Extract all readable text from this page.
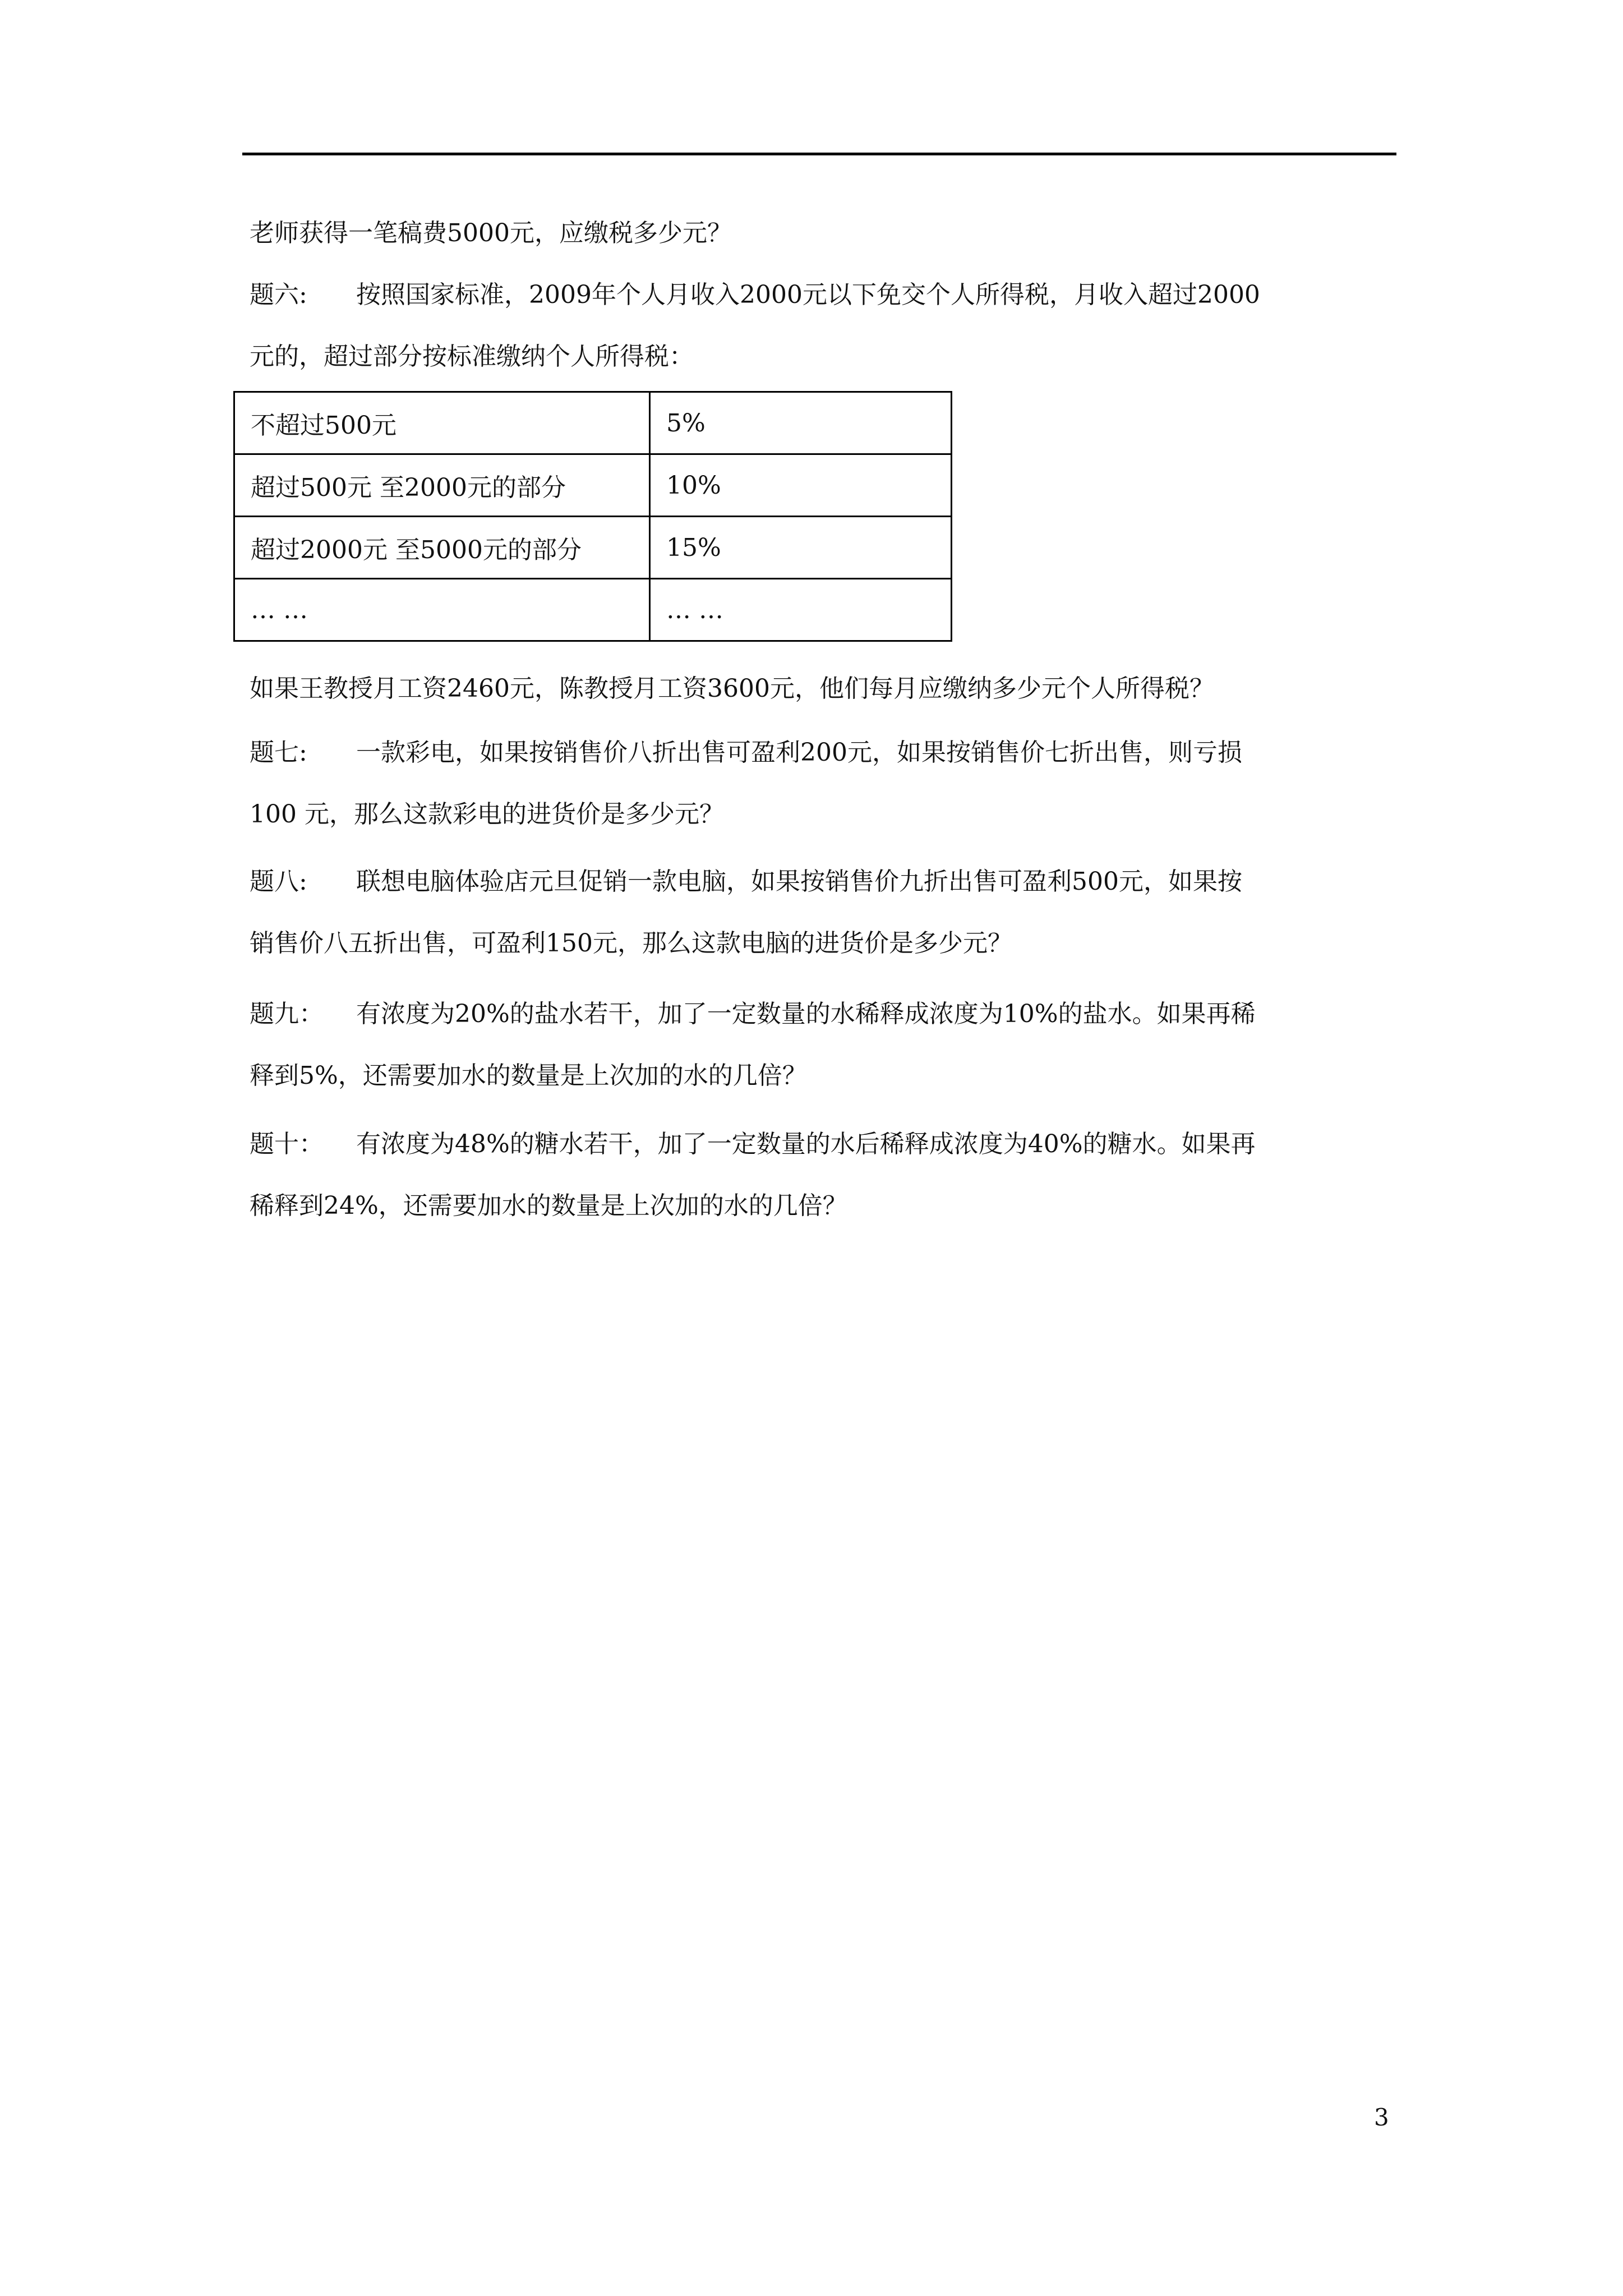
老师获得一笔稿费5000元，应缴税多少元？
题六: 按照国家标准，2009年个人月收入2000元以下免交个人所得税，月收入超过2000
元的，超过部分按标准缴纳个人所得税：
不超过500元	5%
超过500元 至2000元的部分	10%
超过2000元 至5000元的部分	15%
… …	… …
如果王教授月工资2460元，陈教授月工资3600元，他们每月应缴纳多少元个人所得税？
题七: 一款彩电，如果按销售价八折出售可盈利200元，如果按销售价七折出售，则亏损
100 元，那么这款彩电的进货价是多少元？
题八: 联想电脑体验店元旦促销一款电脑，如果按销售价九折出售可盈利500元，如果按
销售价八五折出售，可盈利150元，那么这款电脑的进货价是多少元？
题九： 有浓度为20%的盐水若干，加了一定数量的水稀释成浓度为10%的盐水。如果再稀
释到5%，还需要加水的数量是上次加的水的几倍？
题十： 有浓度为48%的糖水若干，加了一定数量的水后稀释成浓度为40%的糖水。如果再
稀释到24%，还需要加水的数量是上次加的水的几倍？
3
